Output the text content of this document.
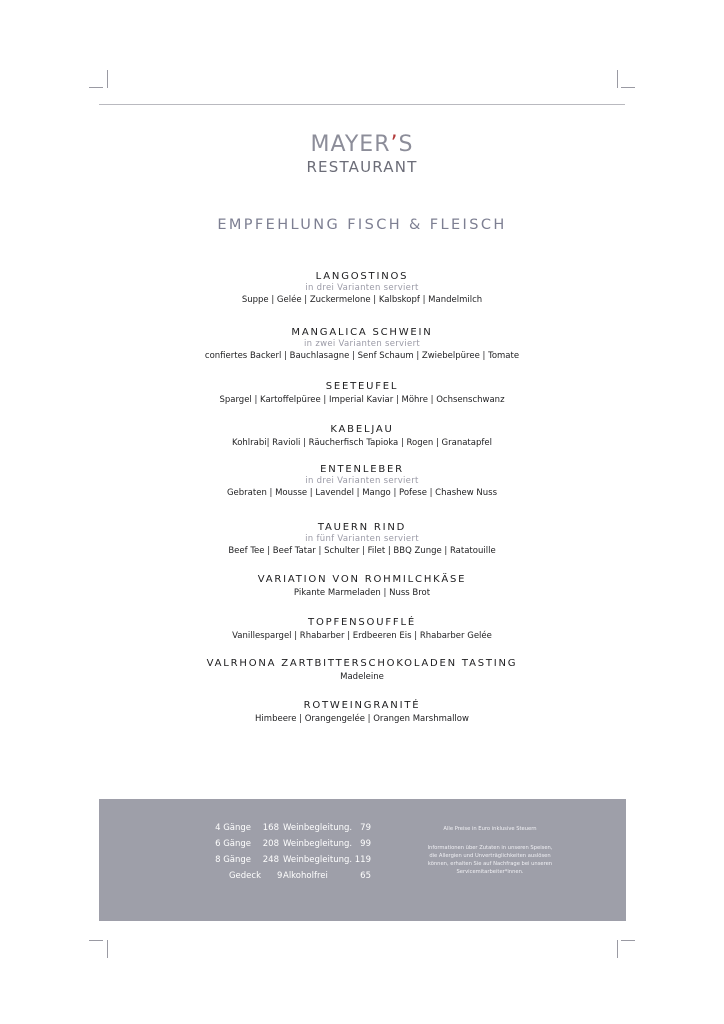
MAYER’S
RESTAURANT
EMPFEHLUNG FISCH & FLEISCH
LANGOSTINOS
in drei Varianten serviert
Suppe | Gelée | Zuckermelone | Kalbskopf | Mandelmilch
MANGALICA SCHWEIN
in zwei Varianten serviert
confiertes Backerl | Bauchlasagne | Senf Schaum | Zwiebelpüree | Tomate
SEETEUFEL
Spargel | Kartoffelpüree | Imperial Kaviar | Möhre | Ochsenschwanz
KABELJAU
Kohlrabi| Ravioli | Räucherfisch Tapioka | Rogen | Granatapfel
ENTENLEBER
in drei Varianten serviert
Gebraten | Mousse | Lavendel | Mango | Pofese | Chashew Nuss
TAUERN RIND
in fünf Varianten serviert
Beef Tee | Beef Tatar | Schulter | Filet | BBQ Zunge | Ratatouille
VARIATION VON ROHMILCHKÄSE
Pikante Marmeladen | Nuss Brot
TOPFENSOUFFLÉ
Vanillespargel | Rhabarber | Erdbeeren Eis | Rhabarber Gelée
VALRHONA ZARTBITTERSCHOKOLADEN TASTING
Madeleine
ROTWEINGRANITÉ
Himbeere | Orangengelée | Orangen Marshmallow
4 Gänge 168
6 Gänge 208
8 Gänge 248
Gedeck 9
Weinbegleitung. 79
Weinbegleitung. 99
Weinbegleitung. 119
Alkoholfrei	65
Alle Preise in Euro inklusive Steuern
Informationen über Zutaten in unseren Speisen,
die Allergien und Unverträglichkeiten auslösen
können, erhalten Sie auf Nachfrage bei unseren
Servicemitarbeiter*innen.
